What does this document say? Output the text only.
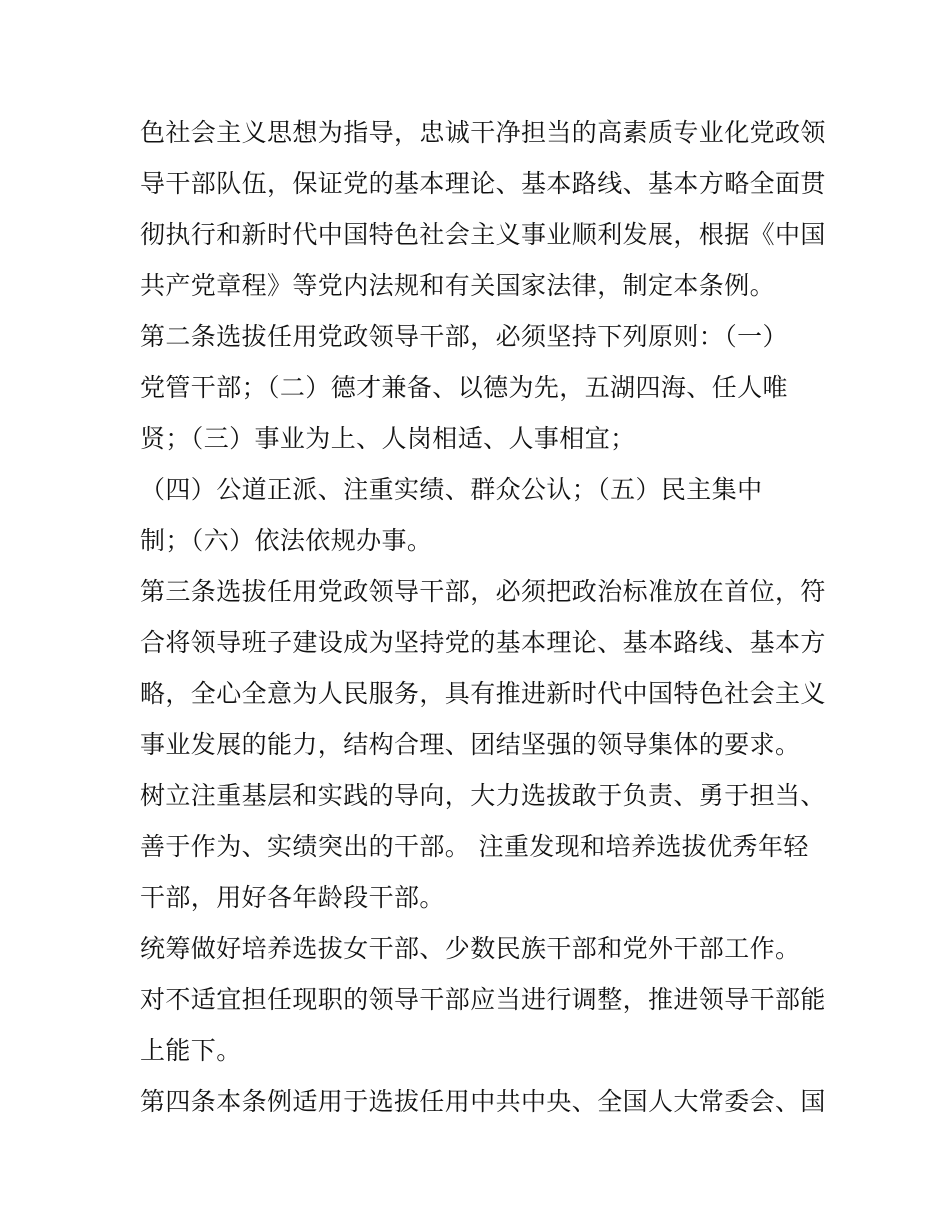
色社会主义思想为指导，忠诚干净担当的高素质专业化党政领
导干部队伍，保证党的基本理论、基本路线、基本方略全面贯
彻执行和新时代中国特色社会主义事业顺利发展，根据《中国
共产党章程》等党内法规和有关国家法律，制定本条例。
第二条选拔任用党政领导干部，必须坚持下列原则：（一）
党管干部；（二）德才兼备、以德为先，五湖四海、任人唯
贤；（三）事业为上、人岗相适、人事相宜；
（四）公道正派、注重实绩、群众公认；（五）民主集中
制；（六）依法依规办事。
第三条选拔任用党政领导干部，必须把政治标准放在首位，符
合将领导班子建设成为坚持党的基本理论、基本路线、基本方
略，全心全意为人民服务，具有推进新时代中国特色社会主义
事业发展的能力，结构合理、团结坚强的领导集体的要求。
树立注重基层和实践的导向，大力选拔敢于负责、勇于担当、
善于作为、实绩突出的干部。 注重发现和培养选拔优秀年轻
干部，用好各年龄段干部。
统筹做好培养选拔女干部、少数民族干部和党外干部工作。
对不适宜担任现职的领导干部应当进行调整，推进领导干部能
上能下。
第四条本条例适用于选拔任用中共中央、全国人大常委会、国
